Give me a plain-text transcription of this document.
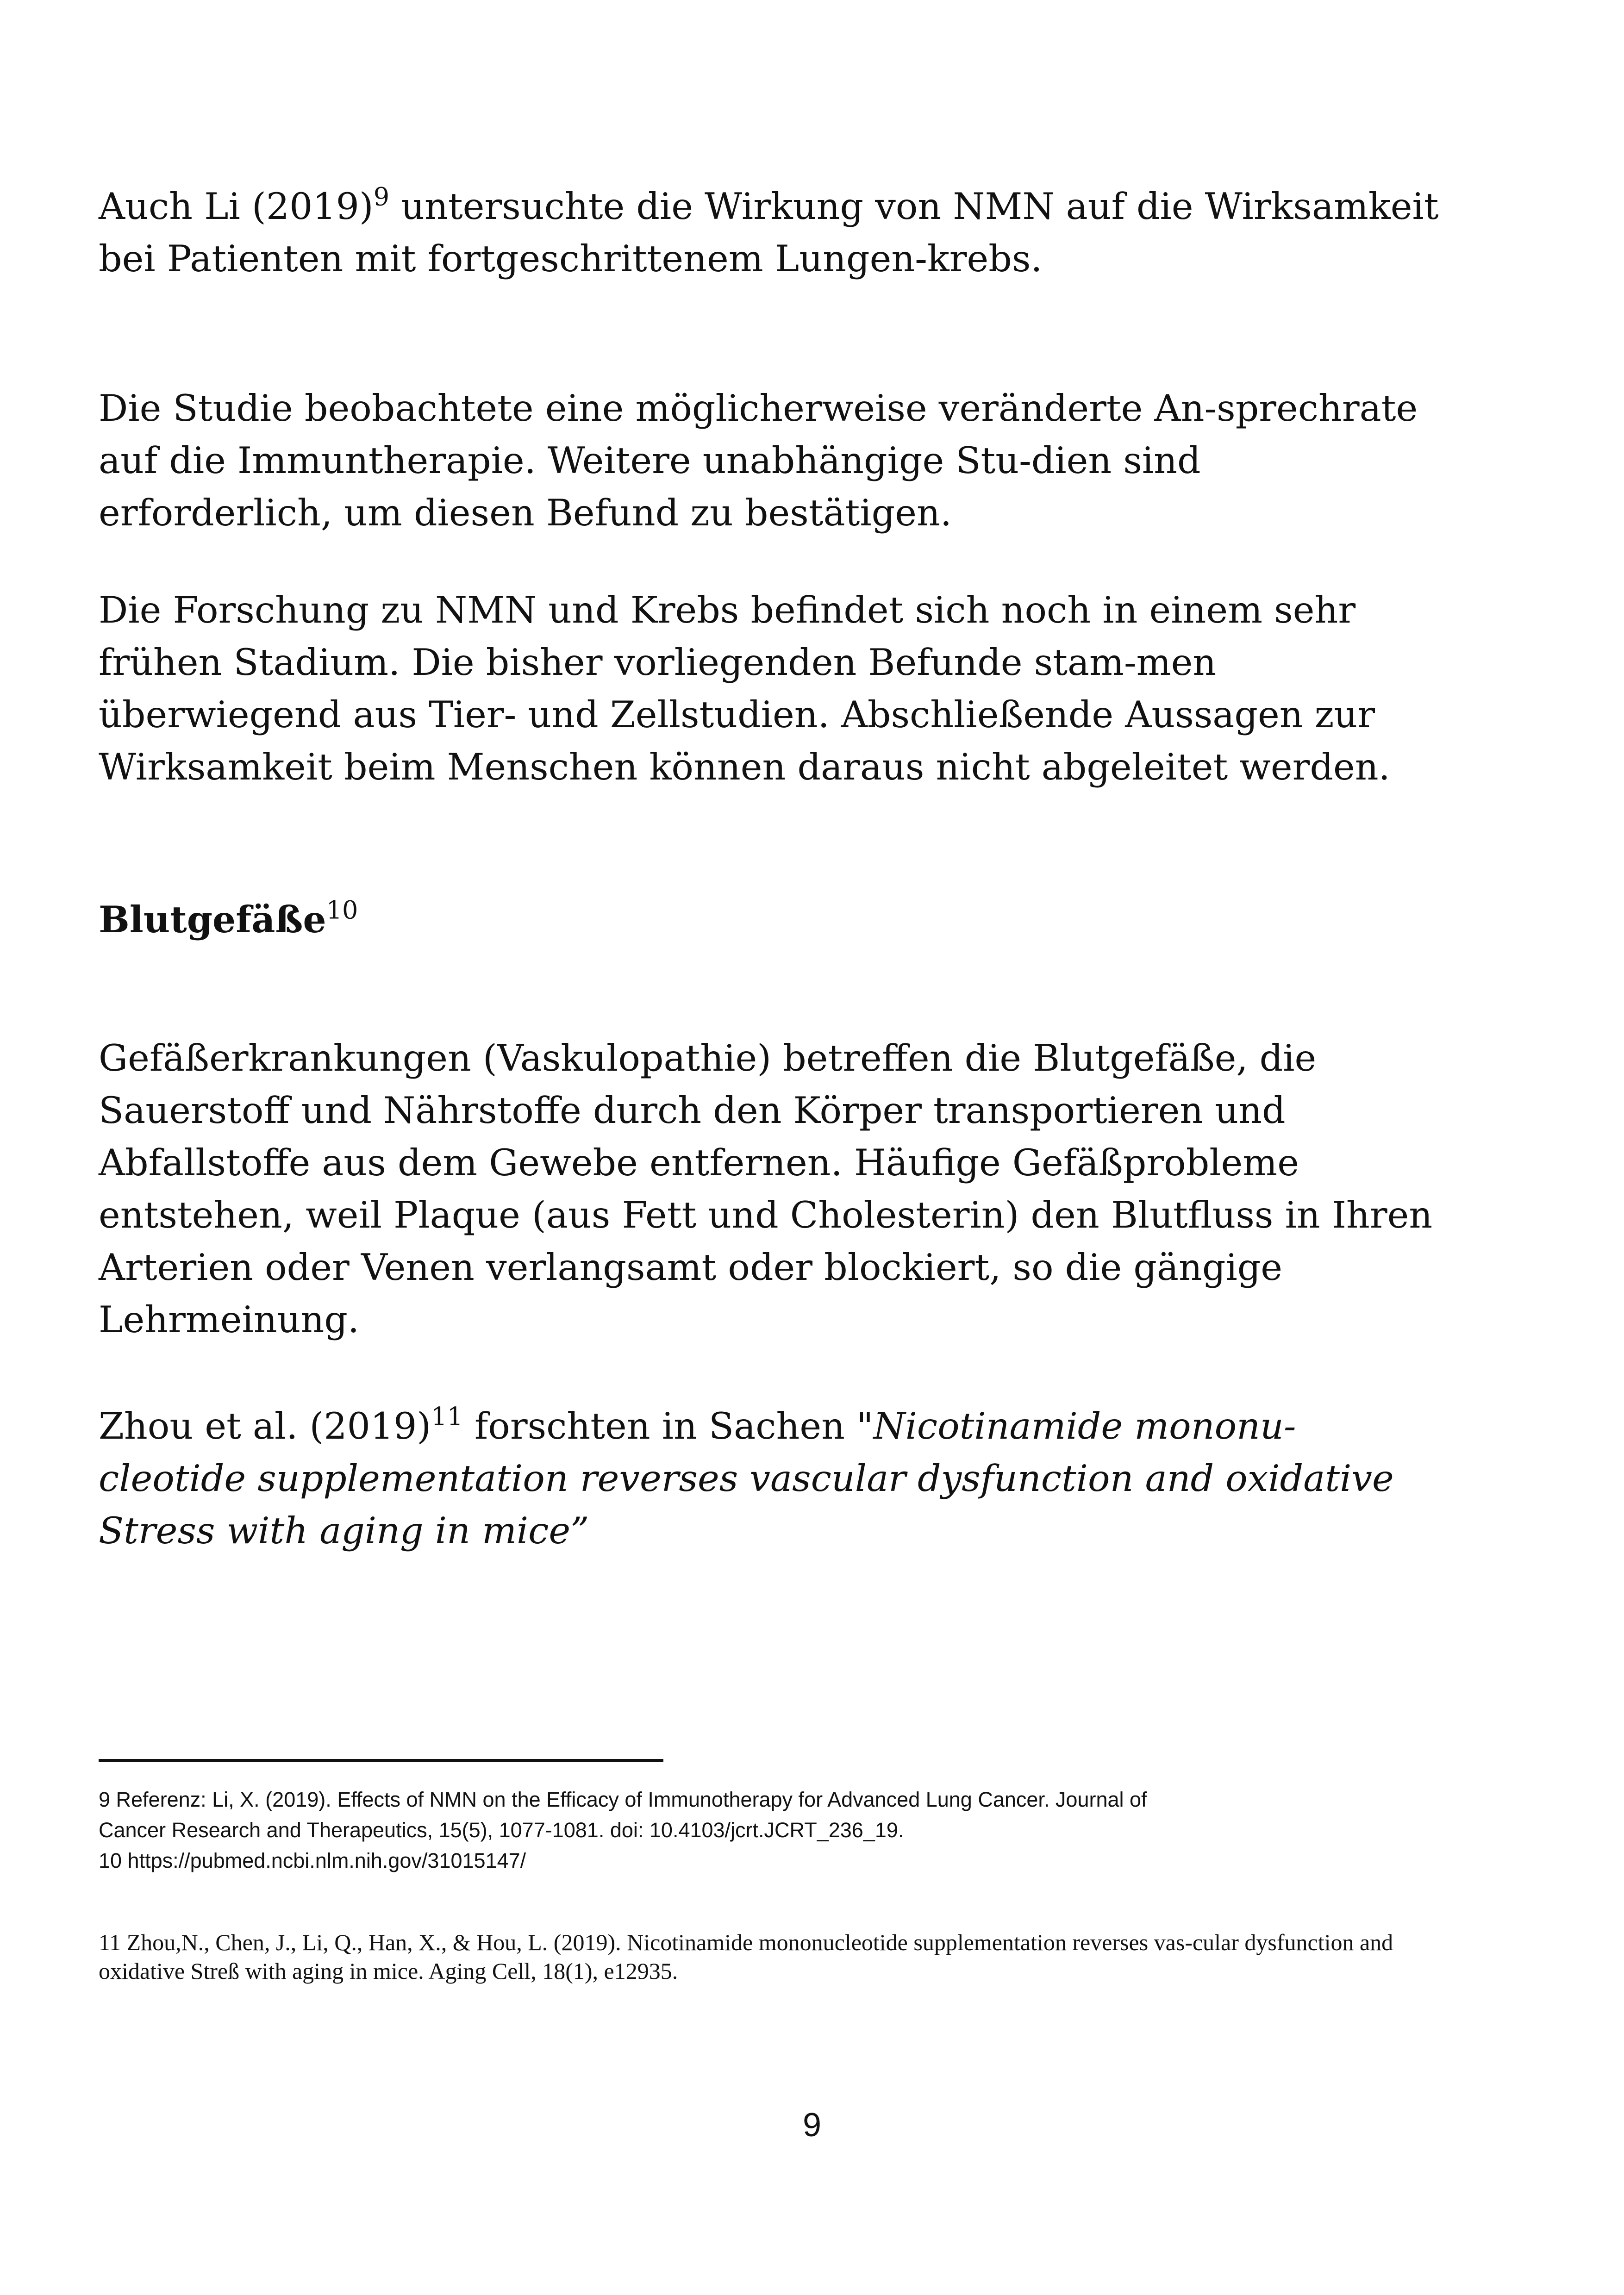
Auch Li $(2019)^9$ untersuchte die Wirkung von NMN auf die Wirksamkeit bei Patienten mit fortgeschrittenem Lungen-krebs.

Die Studie beobachtete eine möglicherweise veränderte An-sprechrate auf die Immuntherapie. Weitere unabhängige Stu-dien sind erforderlich, um diesen Befund zu bestätigen.

Die Forschung zu NMN und Krebs befindet sich noch in einem sehr frühen Stadium. Die bisher vorliegenden Befunde stam-men überwiegend aus Tier- und Zellstudien. Abschließende Aussagen zur Wirksamkeit beim Menschen können daraus nicht abgeleitet werden.

Blutgefäße$^{10}$

Gefäßerkrankungen (Vaskulopathie) betreffen die Blutgefäße, die Sauerstoff und Nährstoffe durch den Körper transportieren und Abfallstoffe aus dem Gewebe entfernen. Häufige Gefäßprobleme entstehen, weil Plaque (aus Fett und Cholesterin) den Blutfluss in Ihren Arterien oder Venen verlangsamt oder blockiert, so die gängige Lehrmeinung.

Zhou et al. $(2019)^{11}$ forschten in Sachen "Nicotinamide mononu-cleotide supplementation reverses vascular dysfunction and oxidative Stress with aging in mice”

9 Referenz: Li, X. (2019). Effects of NMN on the Efficacy of Immunotherapy for Advanced Lung Cancer. Journal of

Cancer Research and Therapeutics, 15(5), 1077-1081. doi: 10.4103/jcrt.JCRT_236_19.

10 https://pubmed.ncbi.nlm.nih.gov/31015147/

11 Zhou,N., Chen, J., Li, Q., Han, X., & Hou, L. (2019). Nicotinamide mononucleotide supplementation reverses vas-cular dysfunction and oxidative Streß with aging in mice. Aging Cell, 18(1), e12935.

9
